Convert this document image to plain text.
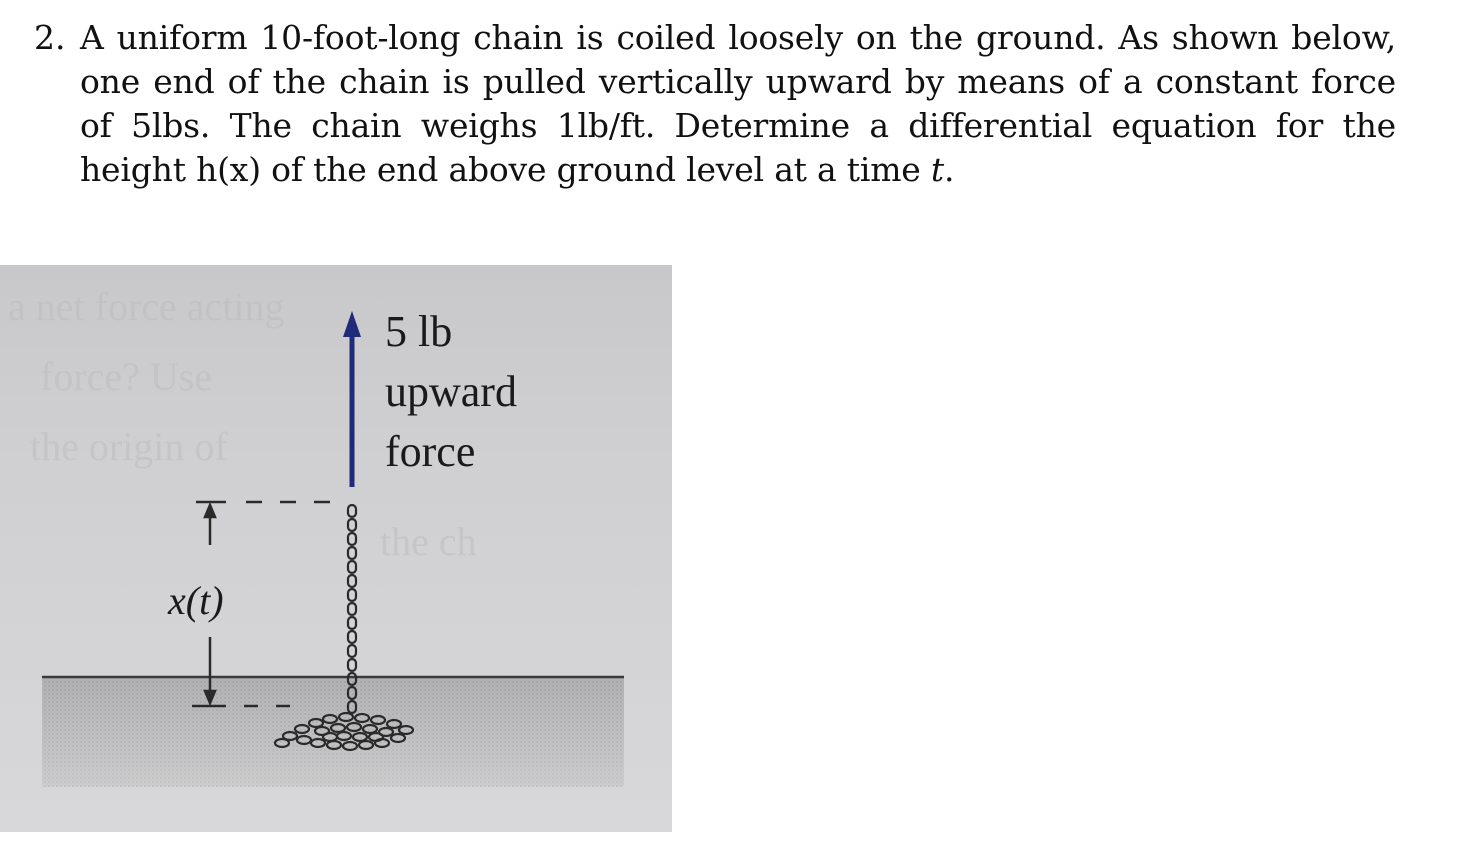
2. A uniform 10-foot-long chain is coiled loosely on the ground. As shown below, one end of the chain is pulled vertically upward by means of a constant force of 5lbs. The chain weighs 1lb/ft. Determine a differential equation for the height h(x) of the end above ground level at a time t.
a net force acting
force? Use
the origin of
the ch
5 lb
upward
force
x(t)
